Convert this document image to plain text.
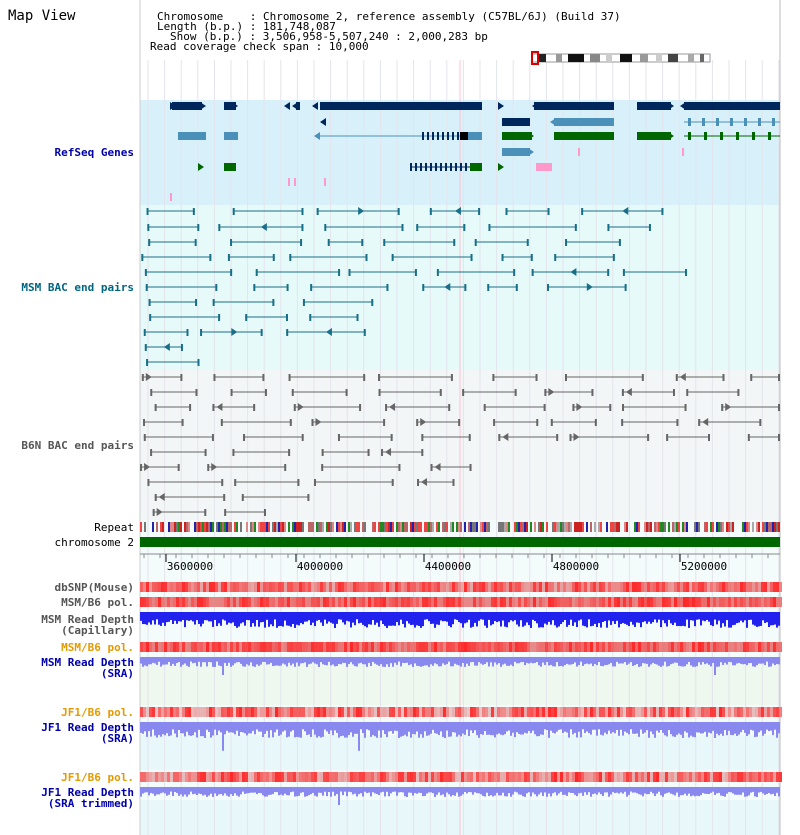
3600000	4000000	4400000	4800000	5200000
Map View	Chromosome    : Chromosome 2, reference assembly (C57BL/6J) (Build 37)
Length (b.p.) : 181,748,087
Show (b.p.) : 3,506,958-5,507,240 : 2,000,283 bp
Read coverage check span : 10,000
RefSeq Genes
MSM BAC end pairs
B6N BAC end pairs
Repeat
chromosome 2
dbSNP(Mouse)
MSM/B6 pol.
MSM Read Depth
(Capillary)
MSM/B6 pol.
MSM Read Depth
(SRA)
JF1/B6 pol.
JF1 Read Depth
(SRA)
JF1/B6 pol.
JF1 Read Depth
(SRA trimmed)
